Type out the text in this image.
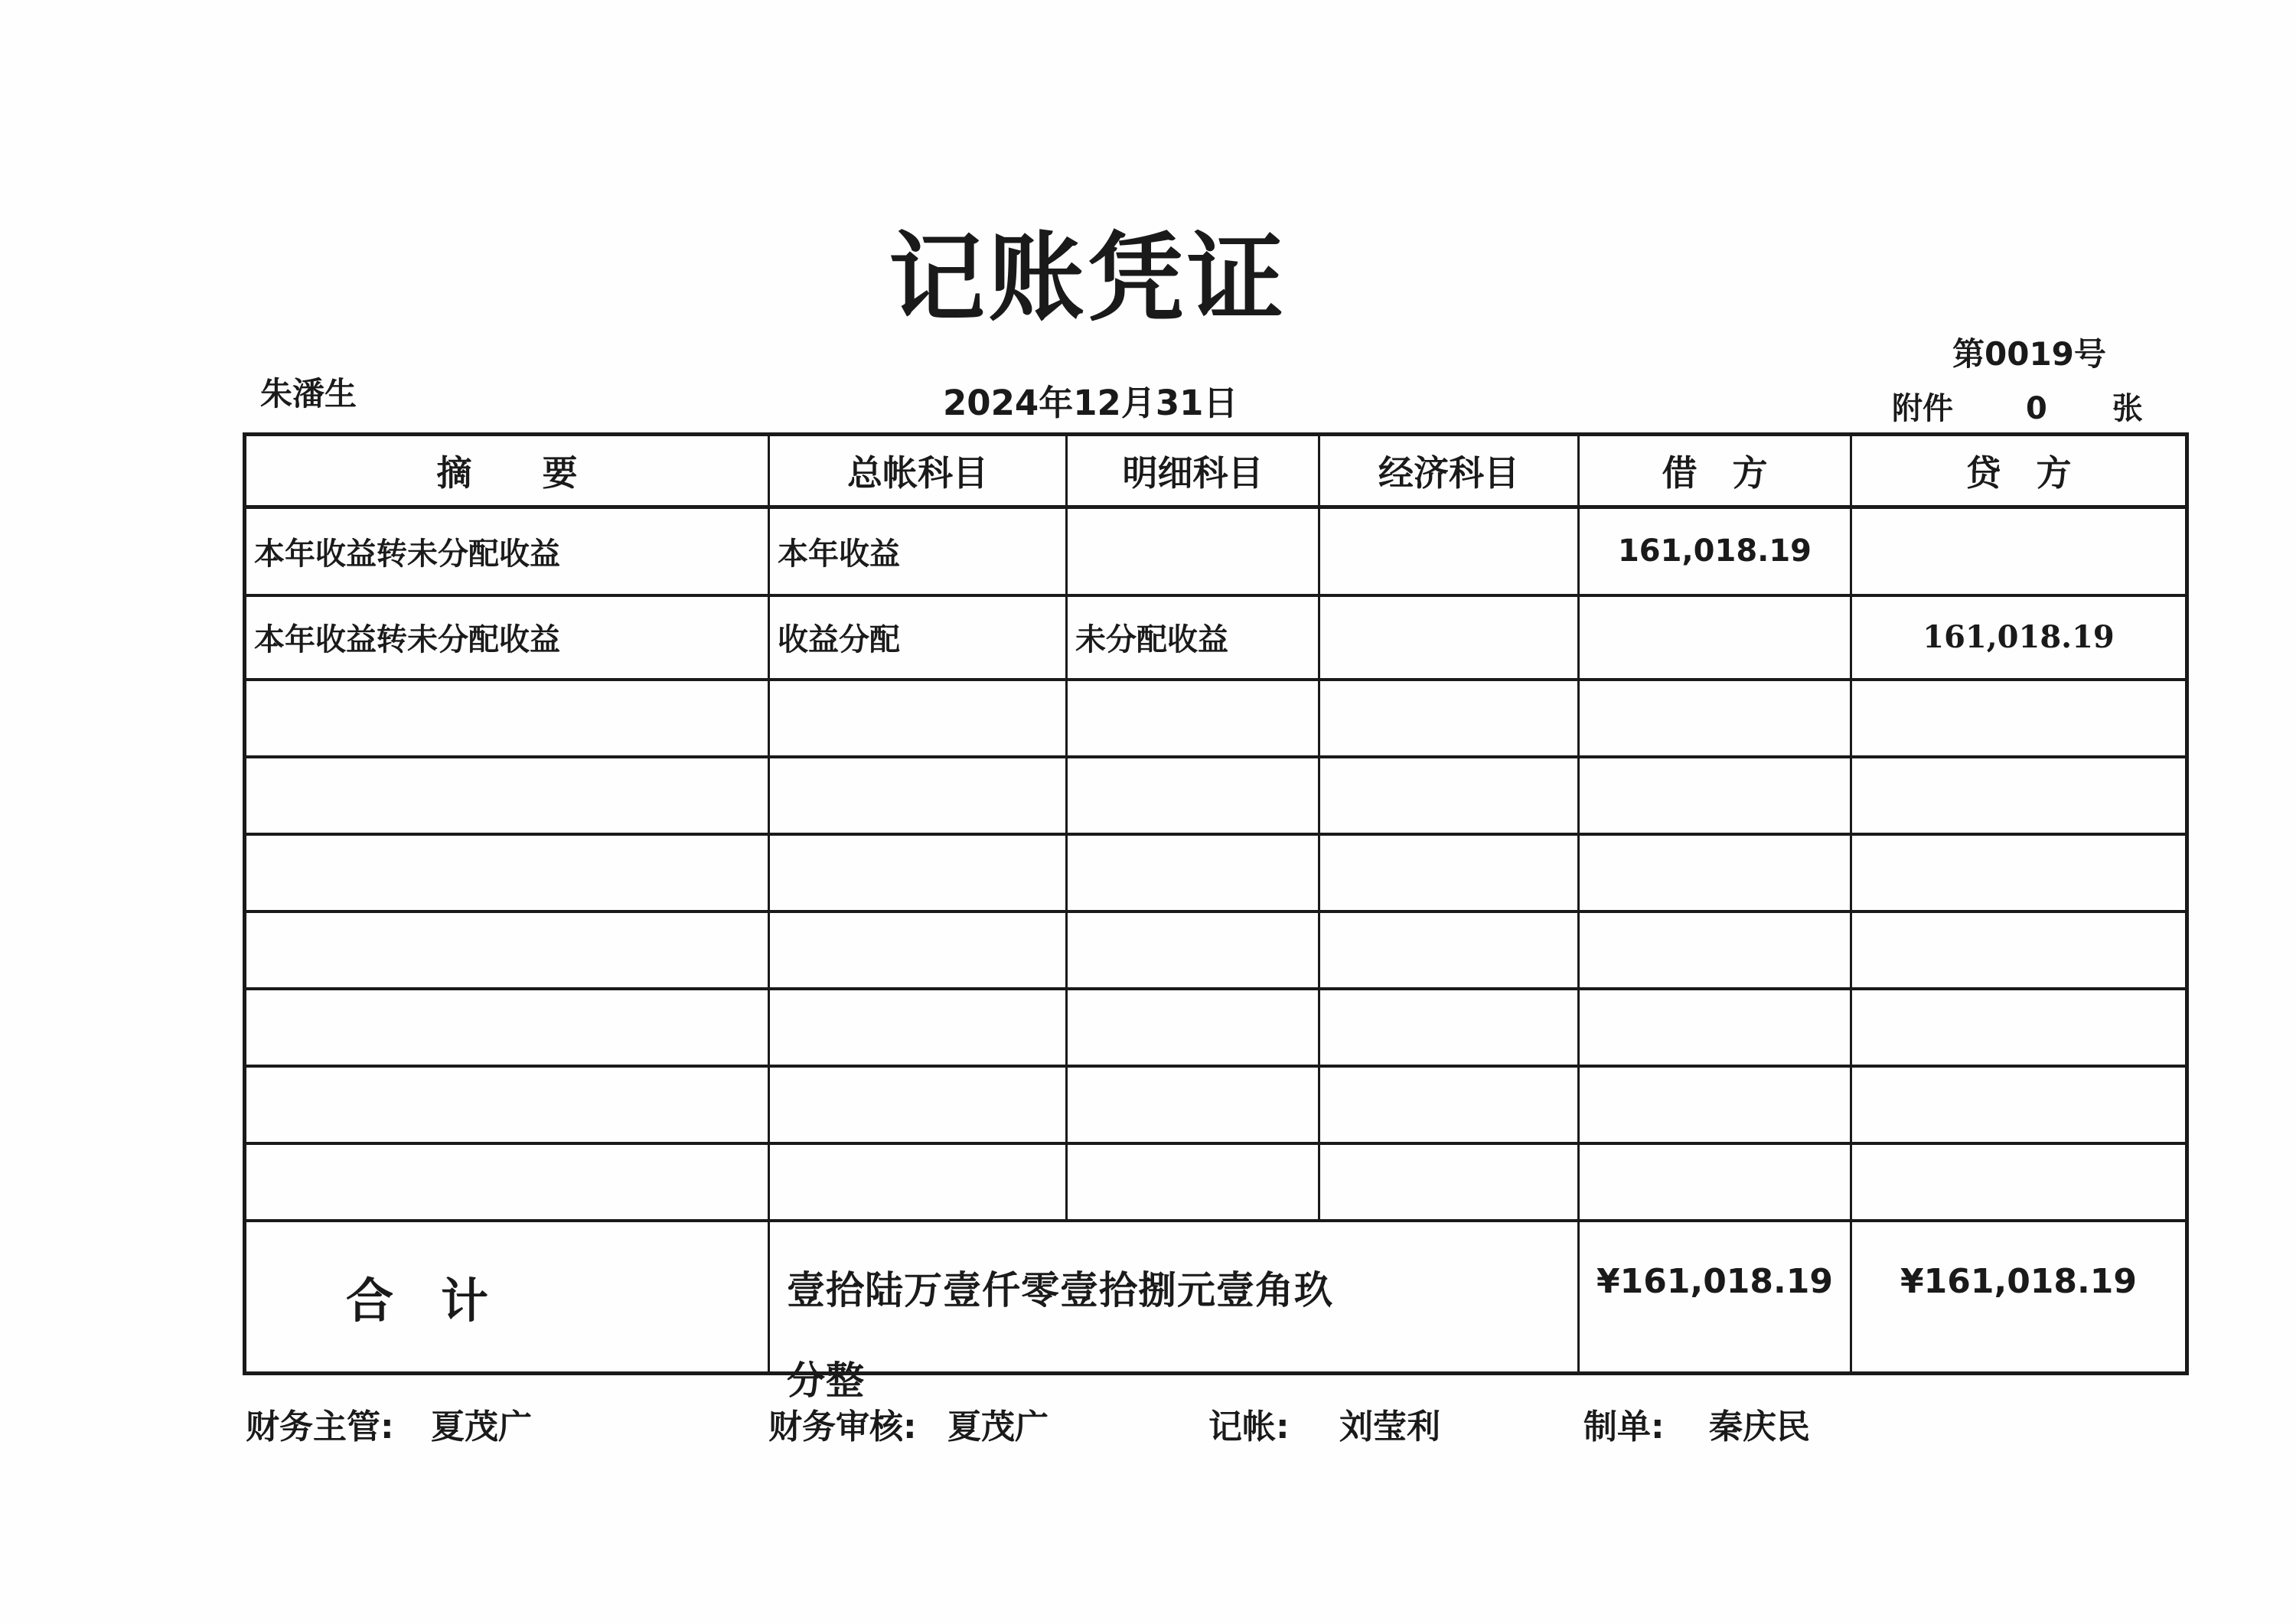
记账凭证
第0019号
朱潘生	2024年12月31日	附件 0 张
摘　　要	总帐科目	明细科目	经济科目	借　方	贷　方
本年收益转未分配收益	本年收益			161,018.19	
本年收益转未分配收益	收益分配	未分配收益			161,018.19

合　计	壹拾陆万壹仟零壹拾捌元壹角玖分整			¥161,018.19	¥161,018.19
财务主管: 夏茂广	财务审核: 夏茂广	记帐: 刘莹利	制单: 秦庆民
